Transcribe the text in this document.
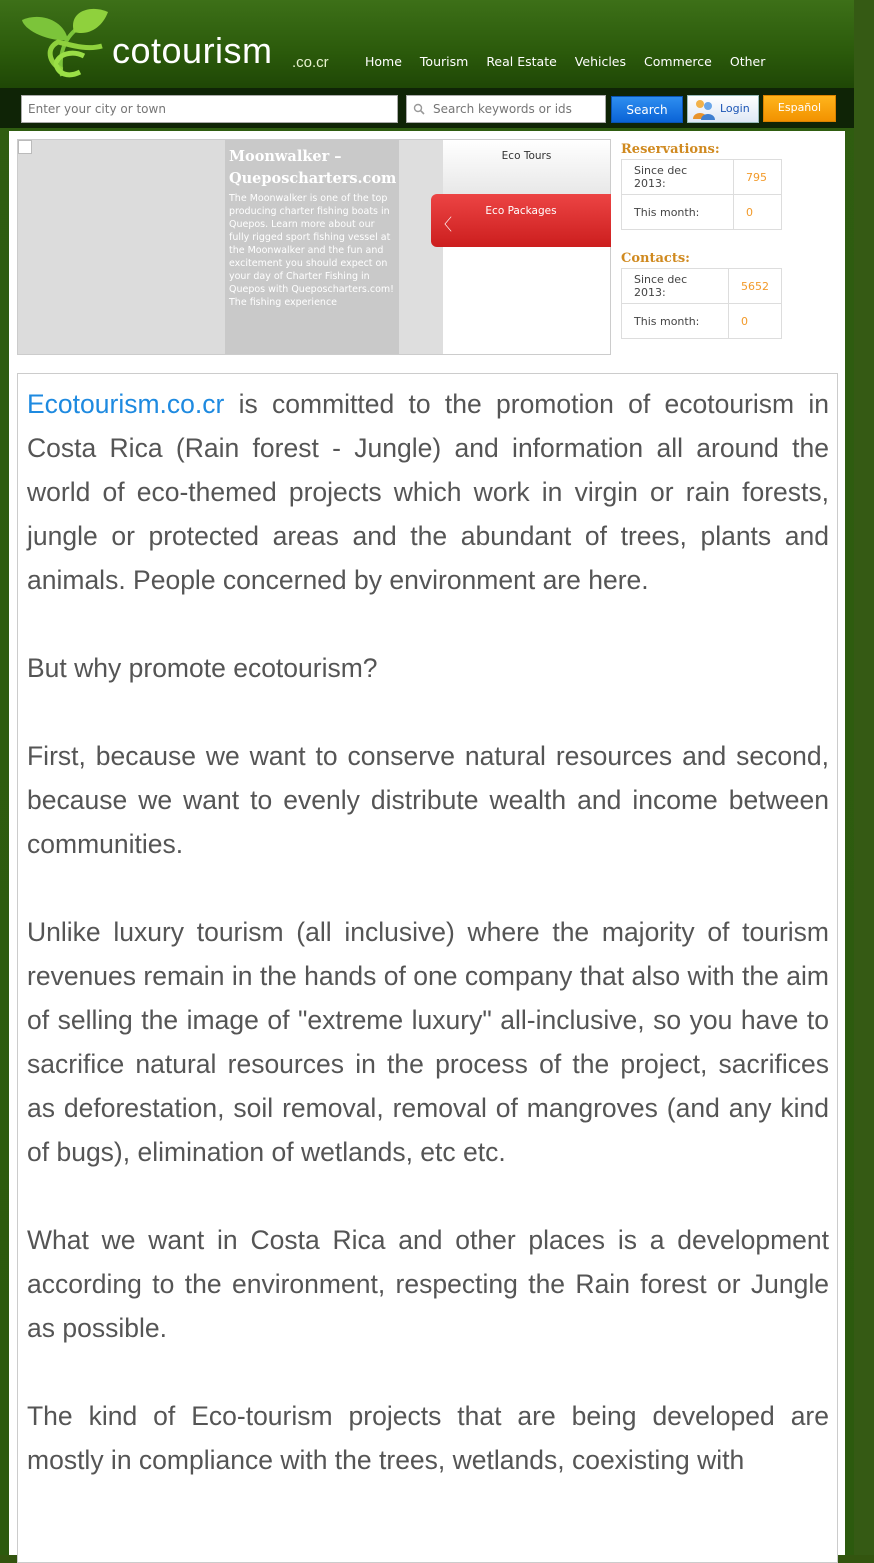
cotourism .co.cr	Home	Tourism	Real Estate	Vehicles	Commerce	Other
Enter your city or town
Search keywords or ids
Search	Login	Español
Moonwalker – Queposcharters.com
The Moonwalker is one of the top producing charter fishing boats in Quepos. Learn more about our fully rigged sport fishing vessel at the Moonwalker and the fun and excitement you should expect on your day of Charter Fishing in Quepos with Queposcharters.com! The fishing experience
Eco Tours
Eco Packages
〈
Reservations:
Since dec 2013:	795
This month:	0
Contacts:
Since dec 2013:	5652
This month:	0

Ecotourism.co.cr is committed to the promotion of ecotourism in Costa Rica (Rain forest - Jungle) and information all around the world of eco-themed projects which work in virgin or rain forests, jungle or protected areas and the abundant of trees, plants and animals. People concerned by environment are here.

But why promote ecotourism?

First, because we want to conserve natural resources and second, because we want to evenly distribute wealth and income between communities.

Unlike luxury tourism (all inclusive) where the majority of tourism revenues remain in the hands of one company that also with the aim of selling the image of "extreme luxury" all-inclusive, so you have to sacrifice natural resources in the process of the project, sacrifices as deforestation, soil removal, removal of mangroves (and any kind of bugs), elimination of wetlands, etc etc.

What we want in Costa Rica and other places is a development according to the environment, respecting the Rain forest or Jungle as possible.

The kind of Eco-tourism projects that are being developed are mostly in compliance with the trees, wetlands, coexisting with
